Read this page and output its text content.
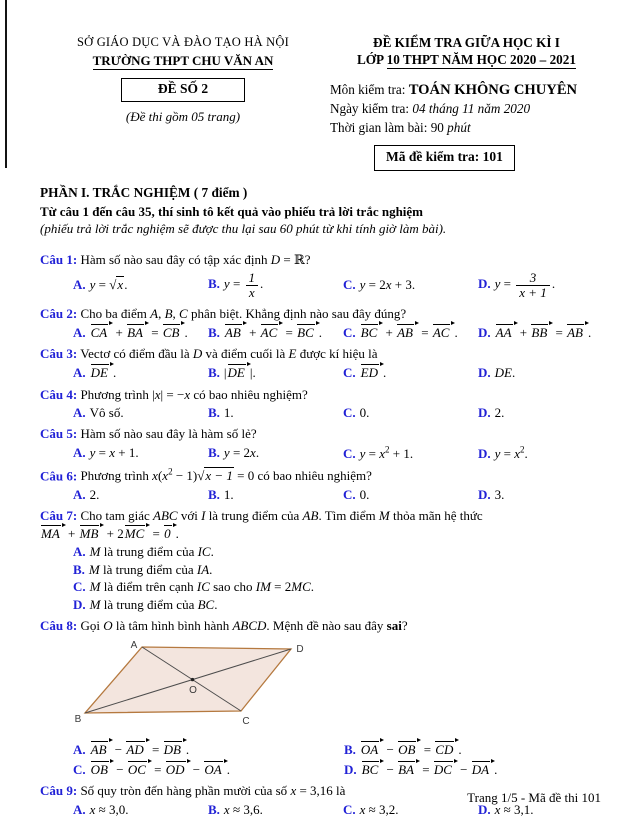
SỞ GIÁO DỤC VÀ ĐÀO TẠO HÀ NỘI
TRƯỜNG THPT CHU VĂN AN
ĐỀ SỐ 2
(Đề thi gồm 05 trang)
ĐỀ KIỂM TRA GIỮA HỌC KÌ I
LỚP 10 THPT NĂM HỌC 2020 – 2021
Môn kiểm tra: TOÁN KHÔNG CHUYÊN
Ngày kiểm tra: 04 tháng 11 năm 2020
Thời gian làm bài: 90 phút
Mã đề kiểm tra: 101
PHẦN I. TRẮC NGHIỆM ( 7 điểm )
Từ câu 1 đến câu 35, thí sinh tô kết quả vào phiếu trả lời trắc nghiệm
(phiếu trả lời trắc nghiệm sẽ được thu lại sau 60 phút từ khi tính giờ làm bài).

Câu 1: Hàm số nào sau đây có tập xác định D = ℝ?

A. y = √x.	B. $y = \frac{1}{x}$ .	C. y = 2x + 3.	D. $y = \frac{3}{x + 1}$ .

Câu 2: Cho ba điểm A, B, C phân biệt. Khẳng định nào sau đây đúng?

A. CA + BA = CB .	B. AB + AC = BC .	C. BC + AB = AC .	D. AA + BB = AB .

Câu 3: Vectơ có điểm đầu là D và điểm cuối là E được kí hiệu là

A. DE .	B. |DE |.	C. ED .	D. DE.

Câu 4: Phương trình |x| = −x có bao nhiêu nghiệm?

A. Vô số.	B. 1.	C. 0.	D. 2.

Câu 5: Hàm số nào sau đây là hàm số lẻ?

A. y = x + 1.	B. y = 2x.	C. $y = x^2 + 1$.	D. $y = x^2$.

Câu 6: Phương trình $x(x^2 - 1)√x - 1 = 0$ có bao nhiêu nghiệm?

A. 2.	B. 1.	C. 0.	D. 3.

Câu 7: Cho tam giác ABC với I là trung điểm của AB. Tìm điểm M thỏa mãn hệ thức

MA + MB + 2MC = 0 .

A. M là trung điểm của IC.
B. M là trung điểm của IA.
C. M là điểm trên cạnh IC sao cho IM = 2MC.
D. M là trung điểm của BC.

Câu 8: Gọi O là tâm hình bình hành ABCD. Mệnh đề nào sau đây sai?

A	D
B	C
O
A. AB − AD = DB .	B. OA − OB = CD .
C. OB − OC = OD − OA .	D. BC − BA = DC − DA .

Câu 9: Số quy tròn đến hàng phần mười của số x = 3,16 là

A. x ≈ 3,0.	B. x ≈ 3,6.	C. x ≈ 3,2.	D. x ≈ 3,1.
Trang 1/5 - Mã đề thi 101
